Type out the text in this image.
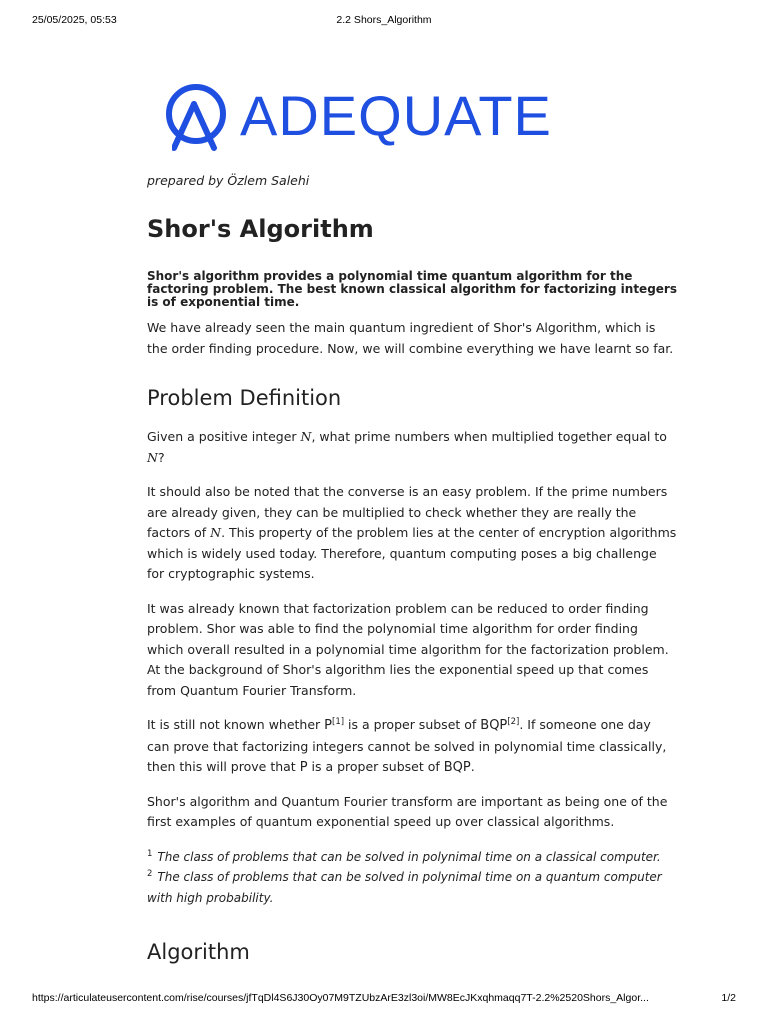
25/05/2025, 05:53	2.2 Shors_Algorithm
ADEQUATE

prepared by Özlem Salehi

Shor's Algorithm

Shor's algorithm provides a polynomial time quantum algorithm for the factoring problem. The best known classical algorithm for factorizing integers is of exponential time.

We have already seen the main quantum ingredient of Shor's Algorithm, which is the order finding procedure. Now, we will combine everything we have learnt so far.

Problem Definition

Given a positive integer N, what prime numbers when multiplied together equal to N?

It should also be noted that the converse is an easy problem. If the prime numbers are already given, they can be multiplied to check whether they are really the factors of N. This property of the problem lies at the center of encryption algorithms which is widely used today. Therefore, quantum computing poses a big challenge for cryptographic systems.

It was already known that factorization problem can be reduced to order finding problem. Shor was able to find the polynomial time algorithm for order finding which overall resulted in a polynomial time algorithm for the factorization problem. At the background of Shor's algorithm lies the exponential speed up that comes from Quantum Fourier Transform.

It is still not known whether P[1] is a proper subset of BQP[2]. If someone one day can prove that factorizing integers cannot be solved in polynomial time classically, then this will prove that P is a proper subset of BQP.

Shor's algorithm and Quantum Fourier transform are important as being one of the first examples of quantum exponential speed up over classical algorithms.

$^1$ The class of problems that can be solved in polynimal time on a classical computer.

$^2$ The class of problems that can be solved in polynimal time on a quantum computer with high probability.

Algorithm
https://articulateusercontent.com/rise/courses/jfTqDl4S6J30Oy07M9TZUbzArE3zl3oi/MW8EcJKxqhmaqq7T-2.2%2520Shors_Algor...	1/2
